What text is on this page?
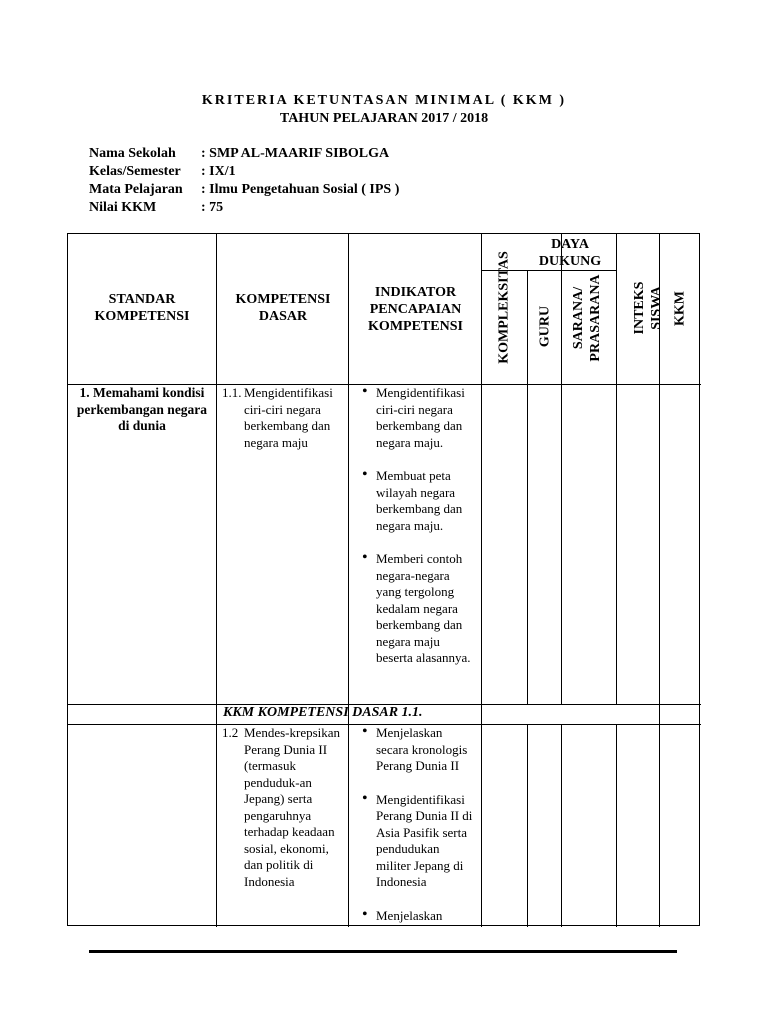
KRITERIA KETUNTASAN MINIMAL ( KKM )
TAHUN PELAJARAN 2017 / 2018
Nama Sekolah : SMP AL-MAARIF SIBOLGA
Kelas/Semester : IX/1
Mata Pelajaran : Ilmu Pengetahuan Sosial ( IPS )
Nilai KKM	: 75
STANDAR KOMPETENSI
KOMPETENSI DASAR
INDIKATOR PENCAPAIAN KOMPETENSI
DAYA DUKUNG
KOMPLEKSITAS GURU SARANA/ PRASARANA INTEKS SISWA KKM
1. Memahami kondisi perkembangan negara di dunia
1.1. Mengidentifikasi ciri-ciri negara berkembang dan negara maju
• Mengidentifikasi ciri-ciri negara berkembang dan negara maju.
• Membuat peta wilayah negara berkembang dan negara maju.
• Memberi contoh negara-negara yang tergolong kedalam negara berkembang dan negara maju beserta alasannya.
KKM KOMPETENSI DASAR 1.1.
1.2 Mendes-krepsikan Perang Dunia II (termasuk penduduk-an Jepang) serta pengaruhnya terhadap keadaan sosial, ekonomi, dan politik di Indonesia
• Menjelaskan secara kronologis Perang Dunia II
• Mengidentifikasi Perang Dunia II di Asia Pasifik serta pendudukan militer Jepang di Indonesia
• Menjelaskan
